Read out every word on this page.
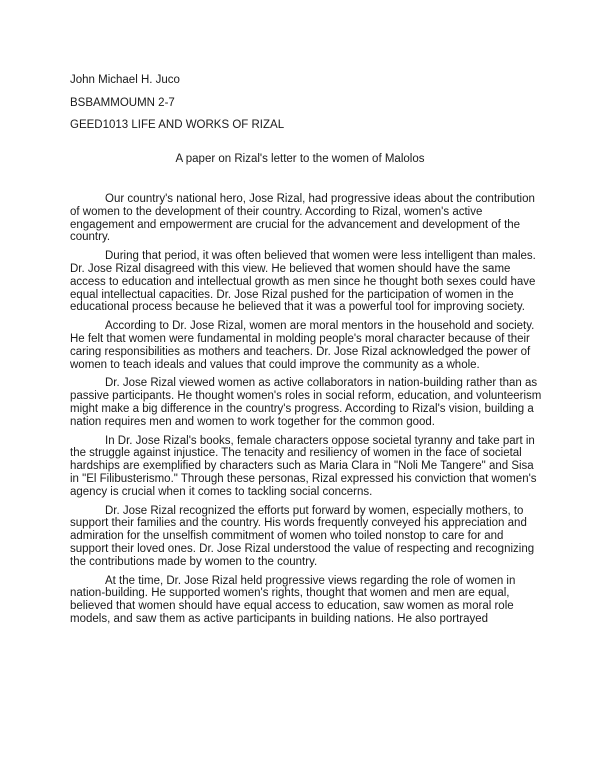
John Michael H. Juco
BSBAMMOUMN 2-7
GEED1013 LIFE AND WORKS OF RIZAL
A paper on Rizal's letter to the women of Malolos

Our country's national hero, Jose Rizal, had progressive ideas about the contribution of women to the development of their country. According to Rizal, women's active engagement and empowerment are crucial for the advancement and development of the country.

During that period, it was often believed that women were less intelligent than males. Dr. Jose Rizal disagreed with this view. He believed that women should have the same access to education and intellectual growth as men since he thought both sexes could have equal intellectual capacities. Dr. Jose Rizal pushed for the participation of women in the educational process because he believed that it was a powerful tool for improving society.

According to Dr. Jose Rizal, women are moral mentors in the household and society. He felt that women were fundamental in molding people's moral character because of their caring responsibilities as mothers and teachers. Dr. Jose Rizal acknowledged the power of women to teach ideals and values that could improve the community as a whole.

Dr. Jose Rizal viewed women as active collaborators in nation-building rather than as passive participants. He thought women's roles in social reform, education, and volunteerism might make a big difference in the country's progress. According to Rizal's vision, building a nation requires men and women to work together for the common good.

In Dr. Jose Rizal's books, female characters oppose societal tyranny and take part in the struggle against injustice. The tenacity and resiliency of women in the face of societal hardships are exemplified by characters such as Maria Clara in "Noli Me Tangere" and Sisa in "El Filibusterismo." Through these personas, Rizal expressed his conviction that women's agency is crucial when it comes to tackling social concerns.

Dr. Jose Rizal recognized the efforts put forward by women, especially mothers, to support their families and the country. His words frequently conveyed his appreciation and admiration for the unselfish commitment of women who toiled nonstop to care for and support their loved ones. Dr. Jose Rizal understood the value of respecting and recognizing the contributions made by women to the country.

At the time, Dr. Jose Rizal held progressive views regarding the role of women in nation-building. He supported women's rights, thought that women and men are equal, believed that women should have equal access to education, saw women as moral role models, and saw them as active participants in building nations. He also portrayed
